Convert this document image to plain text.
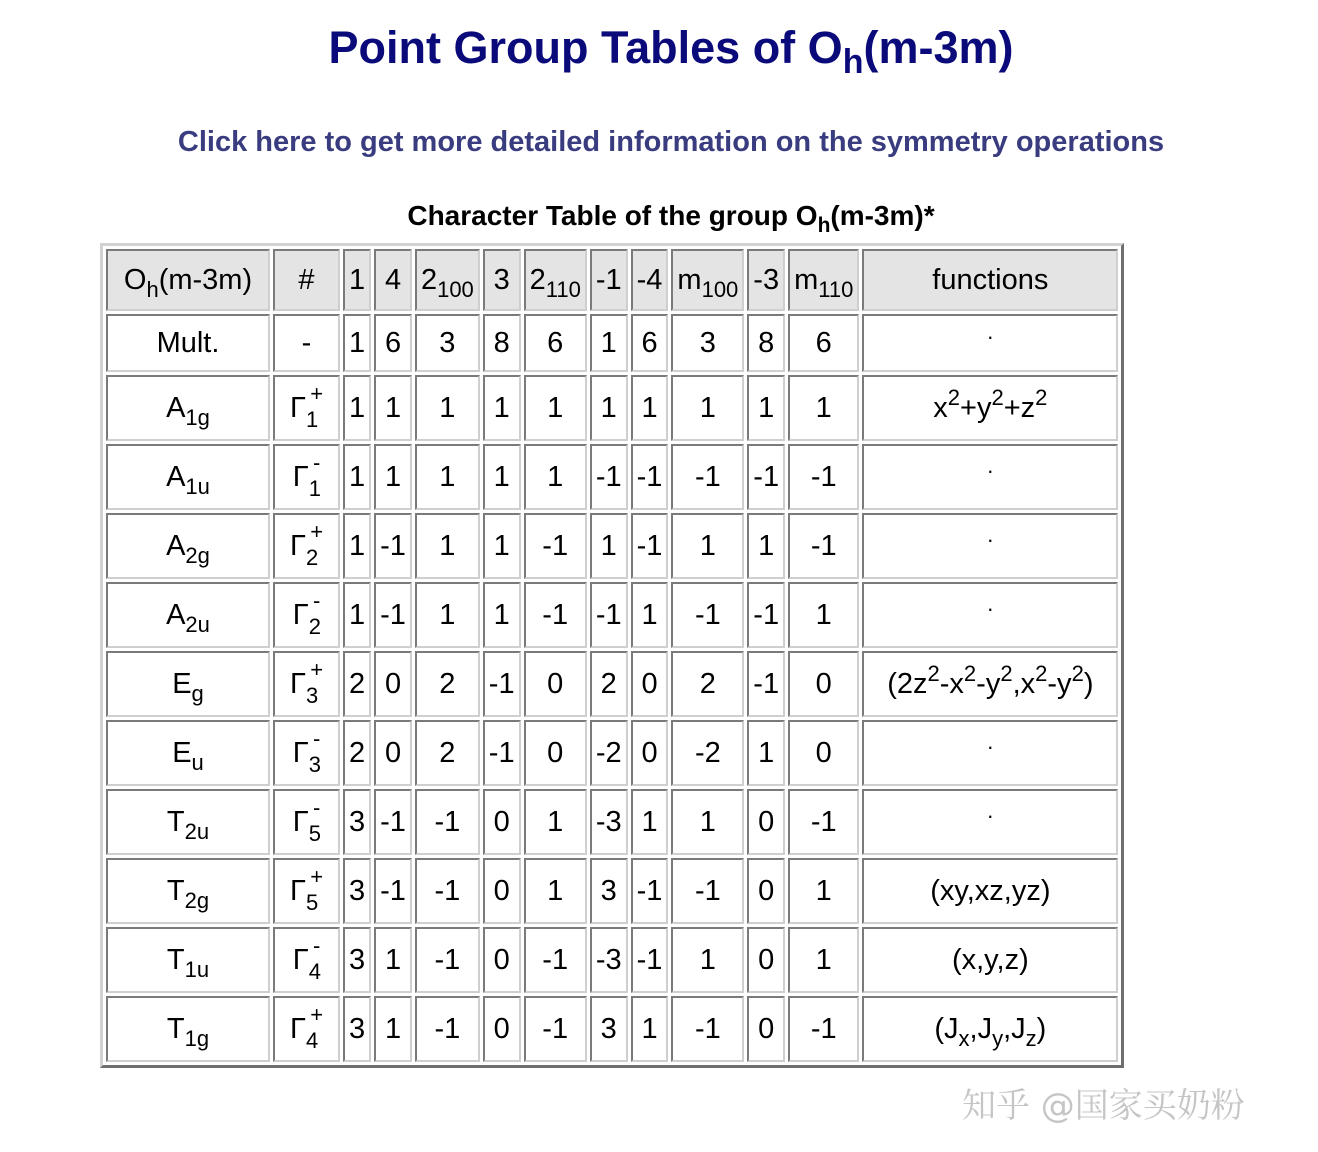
Point Group Tables of $O_h(m-3m)$
Click here to get more detailed information on the symmetry operations
Character Table of the group $O_h(m-3m)*$
$O_h(m-3m)$	#	1	4	$2_{100}$	3	$2_{110}$	-1	-4	$m_{100}$	-3	$m_{110}$	functions
Mult.	-	1	6	3	8	6	1	6	3	8	6	·
$A_{1g}$	$\Gamma_1^+$	1	1	1	1	1	1	1	1	1	1	$x^2+y^2+z^2$
$A_{1u}$	$\Gamma_1^-$	1	1	1	1	1	-1	-1	-1	-1	-1	·
$A_{2g}$	$\Gamma_2^+$	1	-1	1	1	-1	1	-1	1	1	-1	·
$A_{2u}$	$\Gamma_2^-$	1	-1	1	1	-1	-1	1	-1	-1	1	·
$E_g$	$\Gamma_3^+$	2	0	2	-1	0	2	0	2	-1	0	$(2z^2-x^2-y^2,x^2-y^2)$
$E_u$	$\Gamma_3^-$	2	0	2	-1	0	-2	0	-2	1	0	·
$T_{2u}$	$\Gamma_5^-$	3	-1	-1	0	1	-3	1	1	0	-1	·
$T_{2g}$	$\Gamma_5^+$	3	-1	-1	0	1	3	-1	-1	0	1	(xy,xz,yz)
$T_{1u}$	$\Gamma_4^-$	3	1	-1	0	-1	-3	-1	1	0	1	(x,y,z)
$T_{1g}$	$\Gamma_4^+$	3	1	-1	0	-1	3	1	-1	0	-1	$(J_x,J_y,J_z)$
知乎 @国家买奶粉
